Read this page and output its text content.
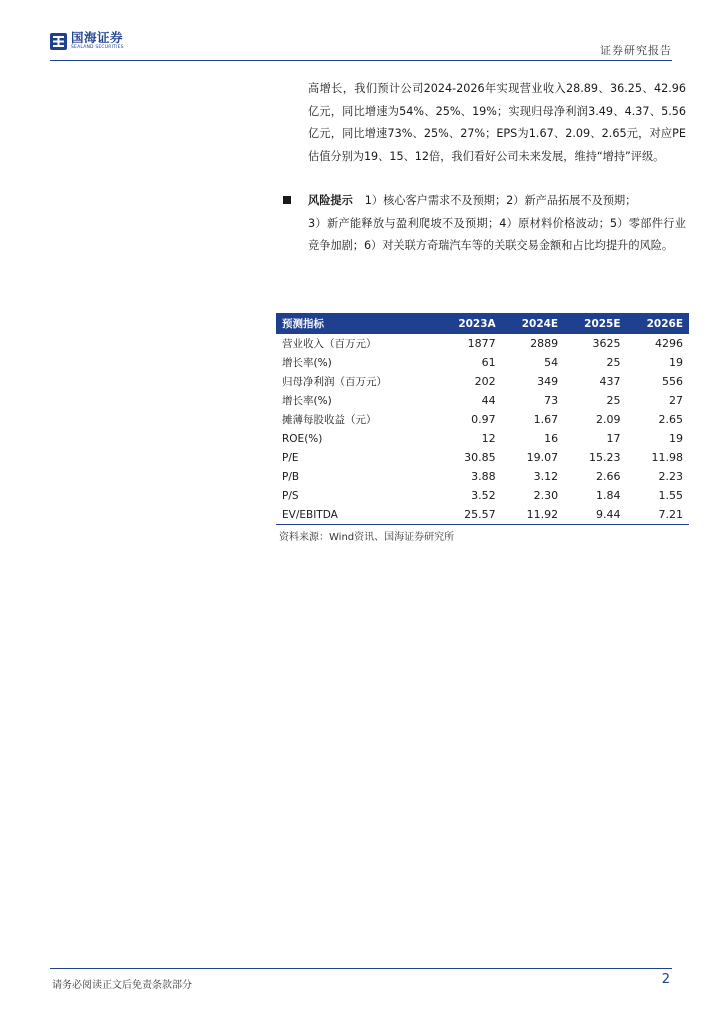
国海证券
SEALAND SECURITIES	证券研究报告
高增长，我们预计公司2024-2026年实现营业收入28.89、36.25、42.96亿元，同比增速为54%、25%、19%；实现归母净利润3.49、4.37、5.56亿元，同比增速73%、25%、27%；EPS为1.67、2.09、2.65元，对应PE估值分别为19、15、12倍，我们看好公司未来发展，维持“增持”评级。
风险提示 1）核心客户需求不及预期；2）新产品拓展不及预期；
3）新产能释放与盈利爬坡不及预期；4）原材料价格波动；5）零部件行业竞争加剧；6）对关联方奇瑞汽车等的关联交易金额和占比均提升的风险。
预测指标	2023A	2024E	2025E	2026E
营业收入（百万元）	1877	2889	3625	4296
增长率(%)	61	54	25	19
归母净利润（百万元）	202	349	437	556
增长率(%)	44	73	25	27
摊薄每股收益（元）	0.97	1.67	2.09	2.65
ROE(%)	12	16	17	19
P/E	30.85	19.07	15.23	11.98
P/B	3.88	3.12	2.66	2.23
P/S	3.52	2.30	1.84	1.55
EV/EBITDA	25.57	11.92	9.44	7.21
资料来源：Wind资讯、国海证券研究所
请务必阅读正文后免责条款部分	2
